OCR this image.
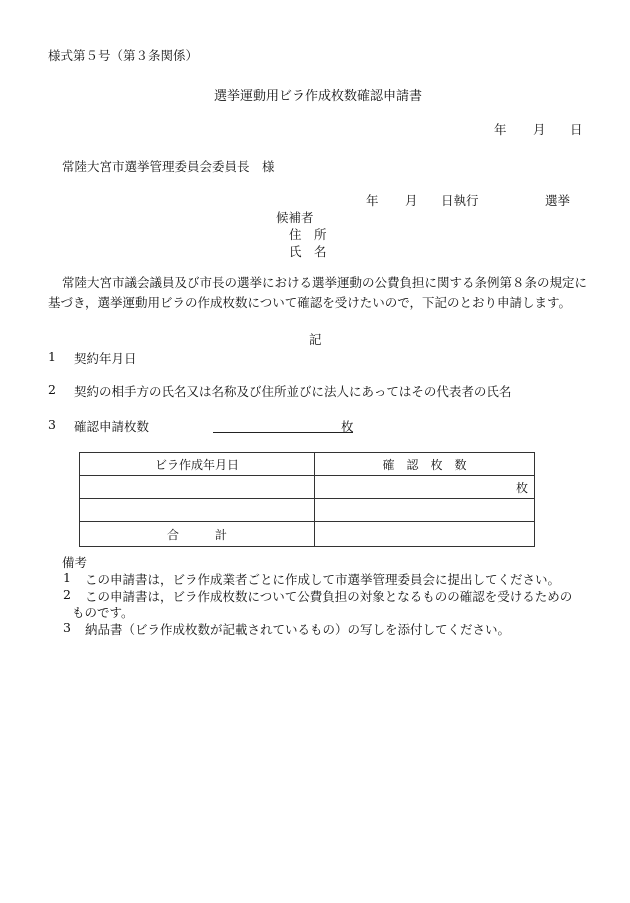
様式第５号（第３条関係）
選挙運動用ビラ作成枚数確認申請書
年 月 日
常陸大宮市選挙管理委員会委員長　様
年 月 日執行	選挙
候補者
住　所
氏　名
常陸大宮市議会議員及び市長の選挙における選挙運動の公費負担に関する条例第８条の規定に基づき，選挙運動用ビラの作成枚数について確認を受けたいので，下記のとおり申請します。
記
1 契約年月日
2 契約の相手方の氏名又は名称及び住所並びに法人にあってはその代表者の氏名
3 確認申請枚数	枚
ビラ作成年月日	確　認　枚　数
	枚

合　　　計	
備考
1 この申請書は，ビラ作成業者ごとに作成して市選挙管理委員会に提出してください。
2 この申請書は，ビラ作成枚数について公費負担の対象となるものの確認を受けるための
ものです。
3 納品書（ビラ作成枚数が記載されているもの）の写しを添付してください。
